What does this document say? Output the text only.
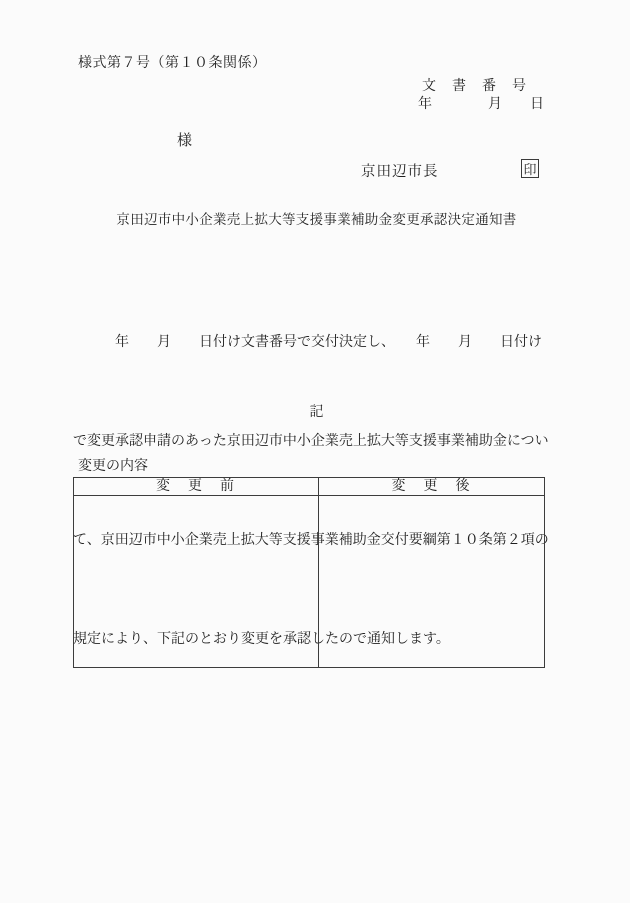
様式第７号（第１０条関係）
文　書　番　号
年　　　　月　　日
様
京田辺市長	印
京田辺市中小企業売上拡大等支援事業補助金変更承認決定通知書

　　　年　　月　　日付け文書番号で交付決定し、　　年　　月　　日付け

で変更承認申請のあった京田辺市中小企業売上拡大等支援事業補助金につい

て、京田辺市中小企業売上拡大等支援事業補助金交付要綱第１０条第２項の

規定により、下記のとおり変更を承認したので通知します。

記
変更の内容
変　更　前	変　更　後
